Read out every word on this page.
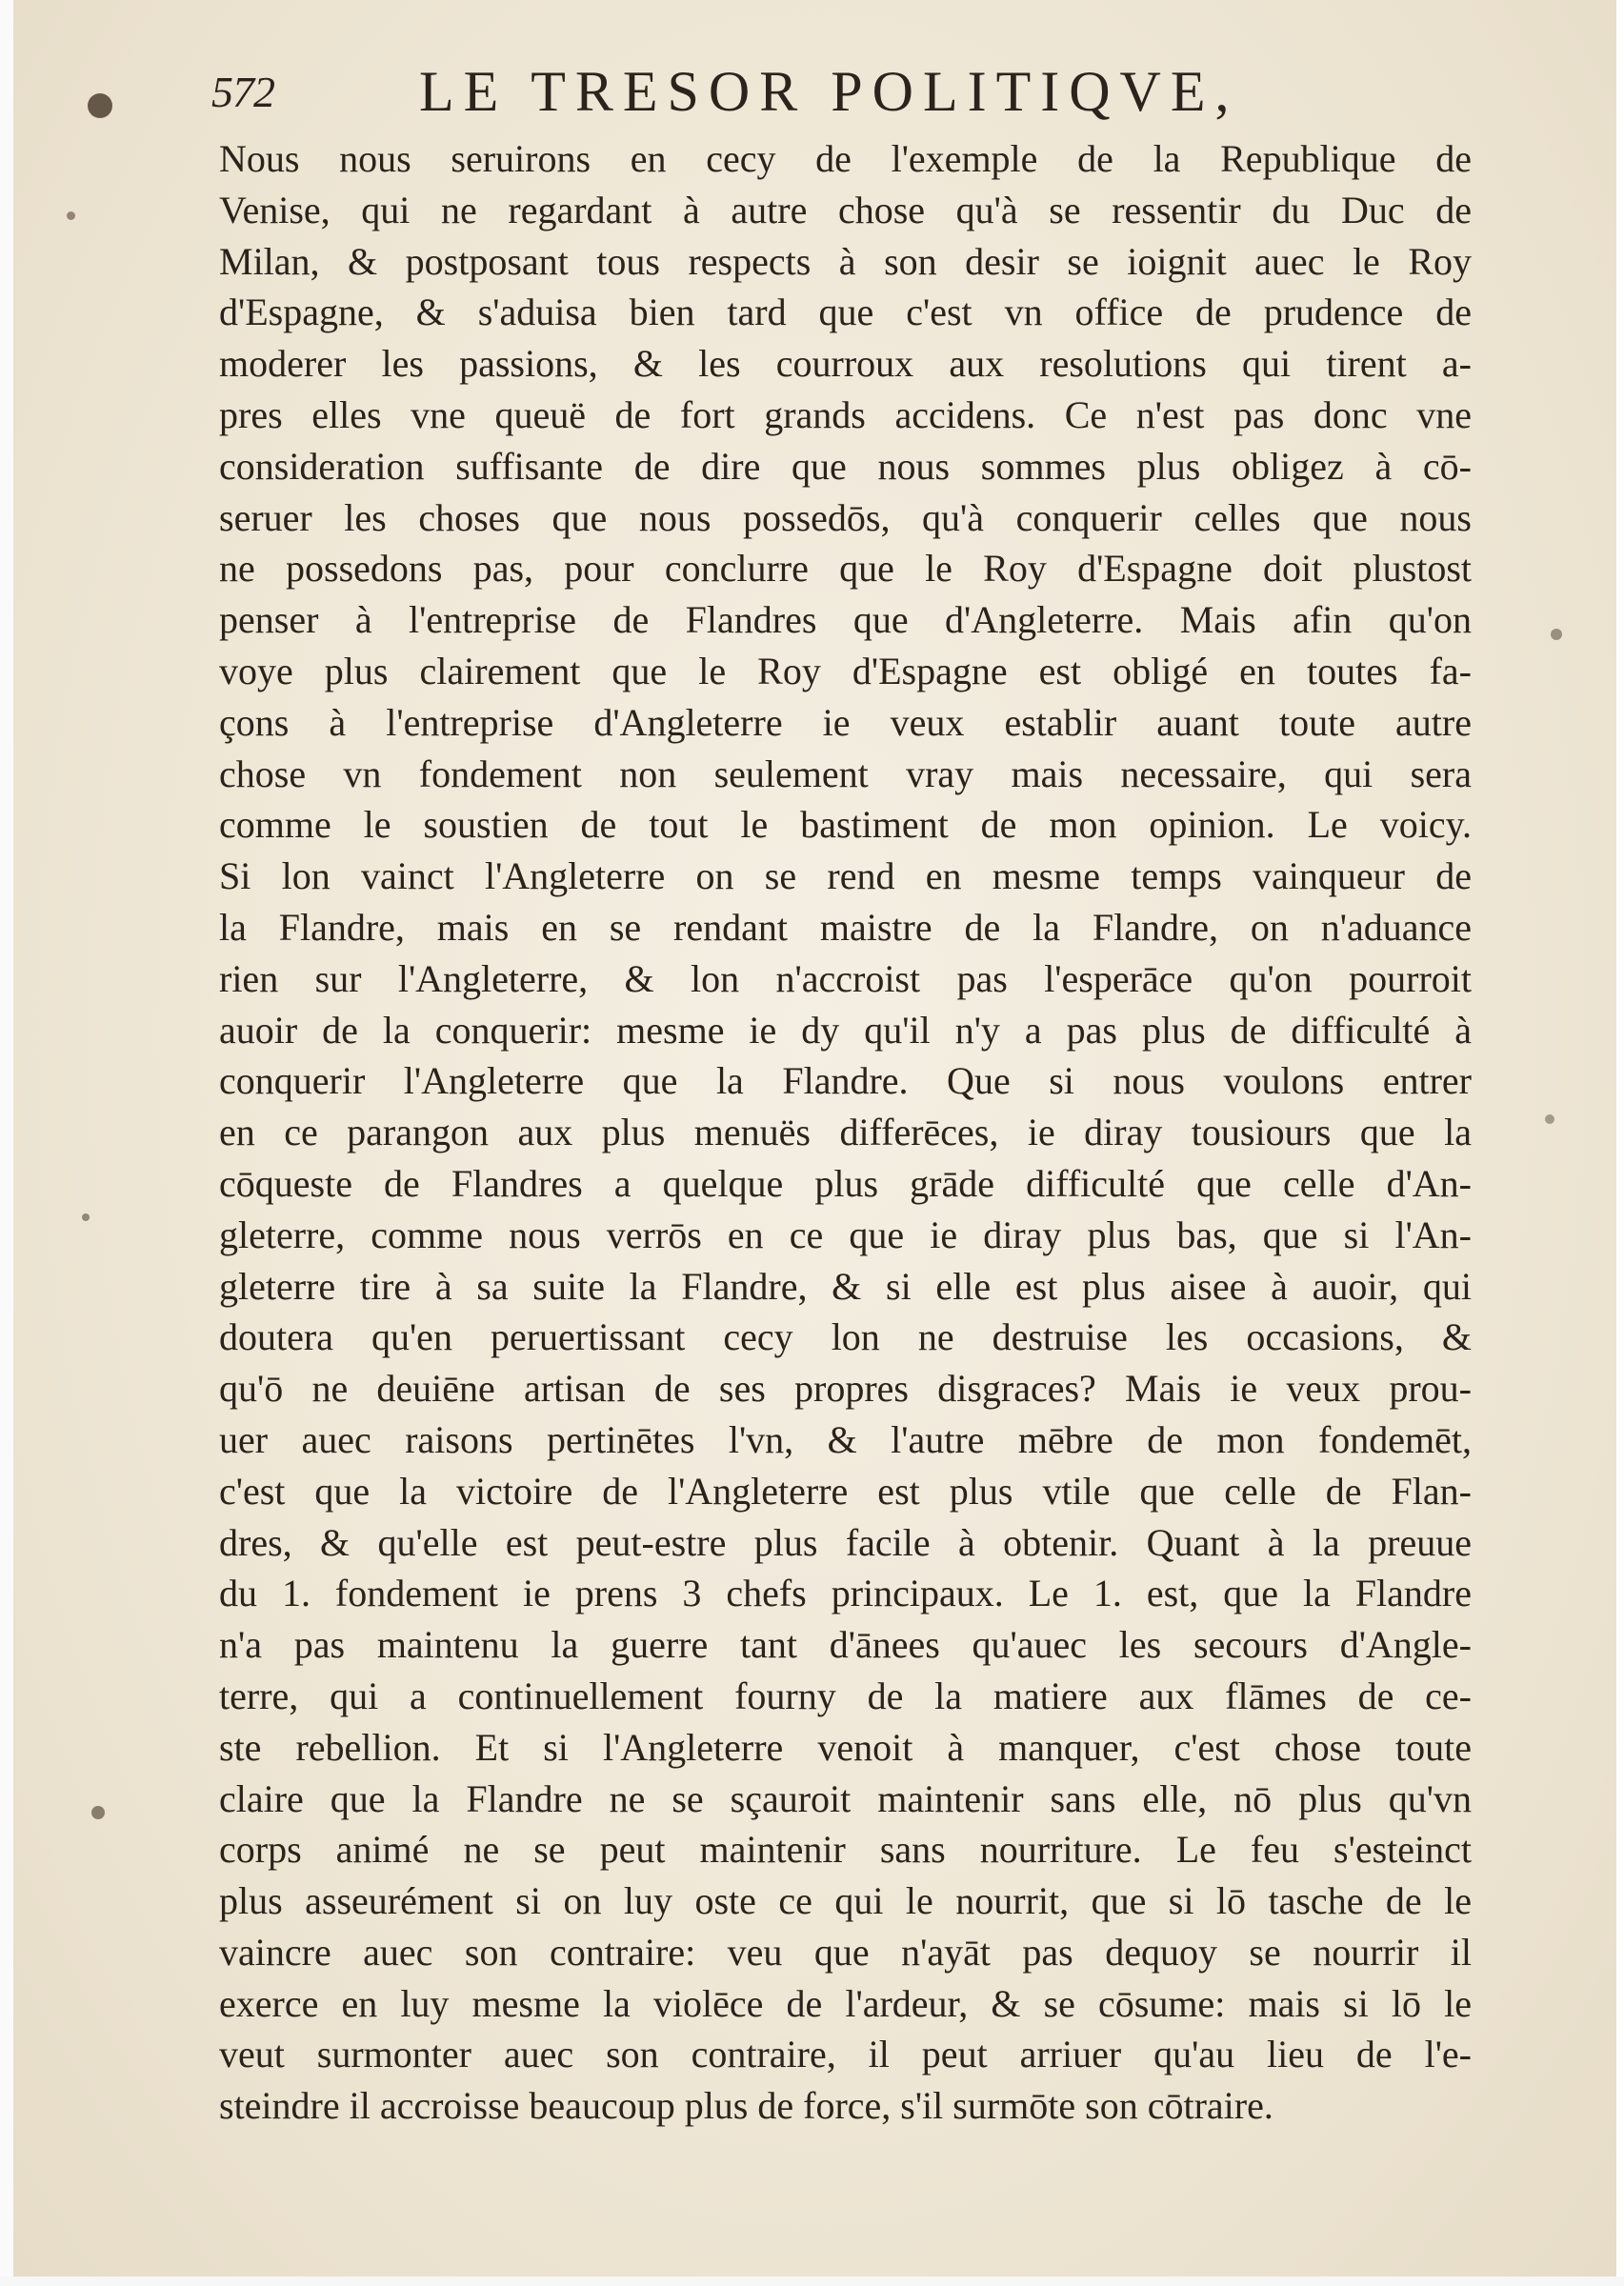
572	LE TRESOR POLITIQVE,
Nous nous seruirons en cecy de l'exemple de la Republique de
Venise, qui ne regardant à autre chose qu'à se ressentir du Duc de
Milan, & postposant tous respects à son desir se ioignit auec le Roy
d'Espagne, & s'aduisa bien tard que c'est vn office de prudence de
moderer les passions, & les courroux aux resolutions qui tirent a-
pres elles vne queuë de fort grands accidens. Ce n'est pas donc vne
consideration suffisante de dire que nous sommes plus obligez à cō-
seruer les choses que nous possedōs, qu'à conquerir celles que nous
ne possedons pas, pour conclurre que le Roy d'Espagne doit plustost
penser à l'entreprise de Flandres que d'Angleterre. Mais afin qu'on
voye plus clairement que le Roy d'Espagne est obligé en toutes fa-
çons à l'entreprise d'Angleterre ie veux establir auant toute autre
chose vn fondement non seulement vray mais necessaire, qui sera
comme le soustien de tout le bastiment de mon opinion. Le voicy.
Si lon vainct l'Angleterre on se rend en mesme temps vainqueur de
la Flandre, mais en se rendant maistre de la Flandre, on n'aduance
rien sur l'Angleterre, & lon n'accroist pas l'esperāce qu'on pourroit
auoir de la conquerir: mesme ie dy qu'il n'y a pas plus de difficulté à
conquerir l'Angleterre que la Flandre. Que si nous voulons entrer
en ce parangon aux plus menuës differēces, ie diray tousiours que la
cōqueste de Flandres a quelque plus grāde difficulté que celle d'An-
gleterre, comme nous verrōs en ce que ie diray plus bas, que si l'An-
gleterre tire à sa suite la Flandre, & si elle est plus aisee à auoir, qui
doutera qu'en peruertissant cecy lon ne destruise les occasions, &
qu'ō ne deuiēne artisan de ses propres disgraces? Mais ie veux prou-
uer auec raisons pertinētes l'vn, & l'autre mēbre de mon fondemēt,
c'est que la victoire de l'Angleterre est plus vtile que celle de Flan-
dres, & qu'elle est peut-estre plus facile à obtenir. Quant à la preuue
du 1. fondement ie prens 3 chefs principaux. Le 1. est, que la Flandre
n'a pas maintenu la guerre tant d'ānees qu'auec les secours d'Angle-
terre, qui a continuellement fourny de la matiere aux flāmes de ce-
ste rebellion. Et si l'Angleterre venoit à manquer, c'est chose toute
claire que la Flandre ne se sçauroit maintenir sans elle, nō plus qu'vn
corps animé ne se peut maintenir sans nourriture. Le feu s'esteinct
plus asseurément si on luy oste ce qui le nourrit, que si lō tasche de le
vaincre auec son contraire: veu que n'ayāt pas dequoy se nourrir il
exerce en luy mesme la violēce de l'ardeur, & se cōsume: mais si lō le
veut surmonter auec son contraire, il peut arriuer qu'au lieu de l'e-
steindre il accroisse beaucoup plus de force, s'il surmōte son cōtraire.
